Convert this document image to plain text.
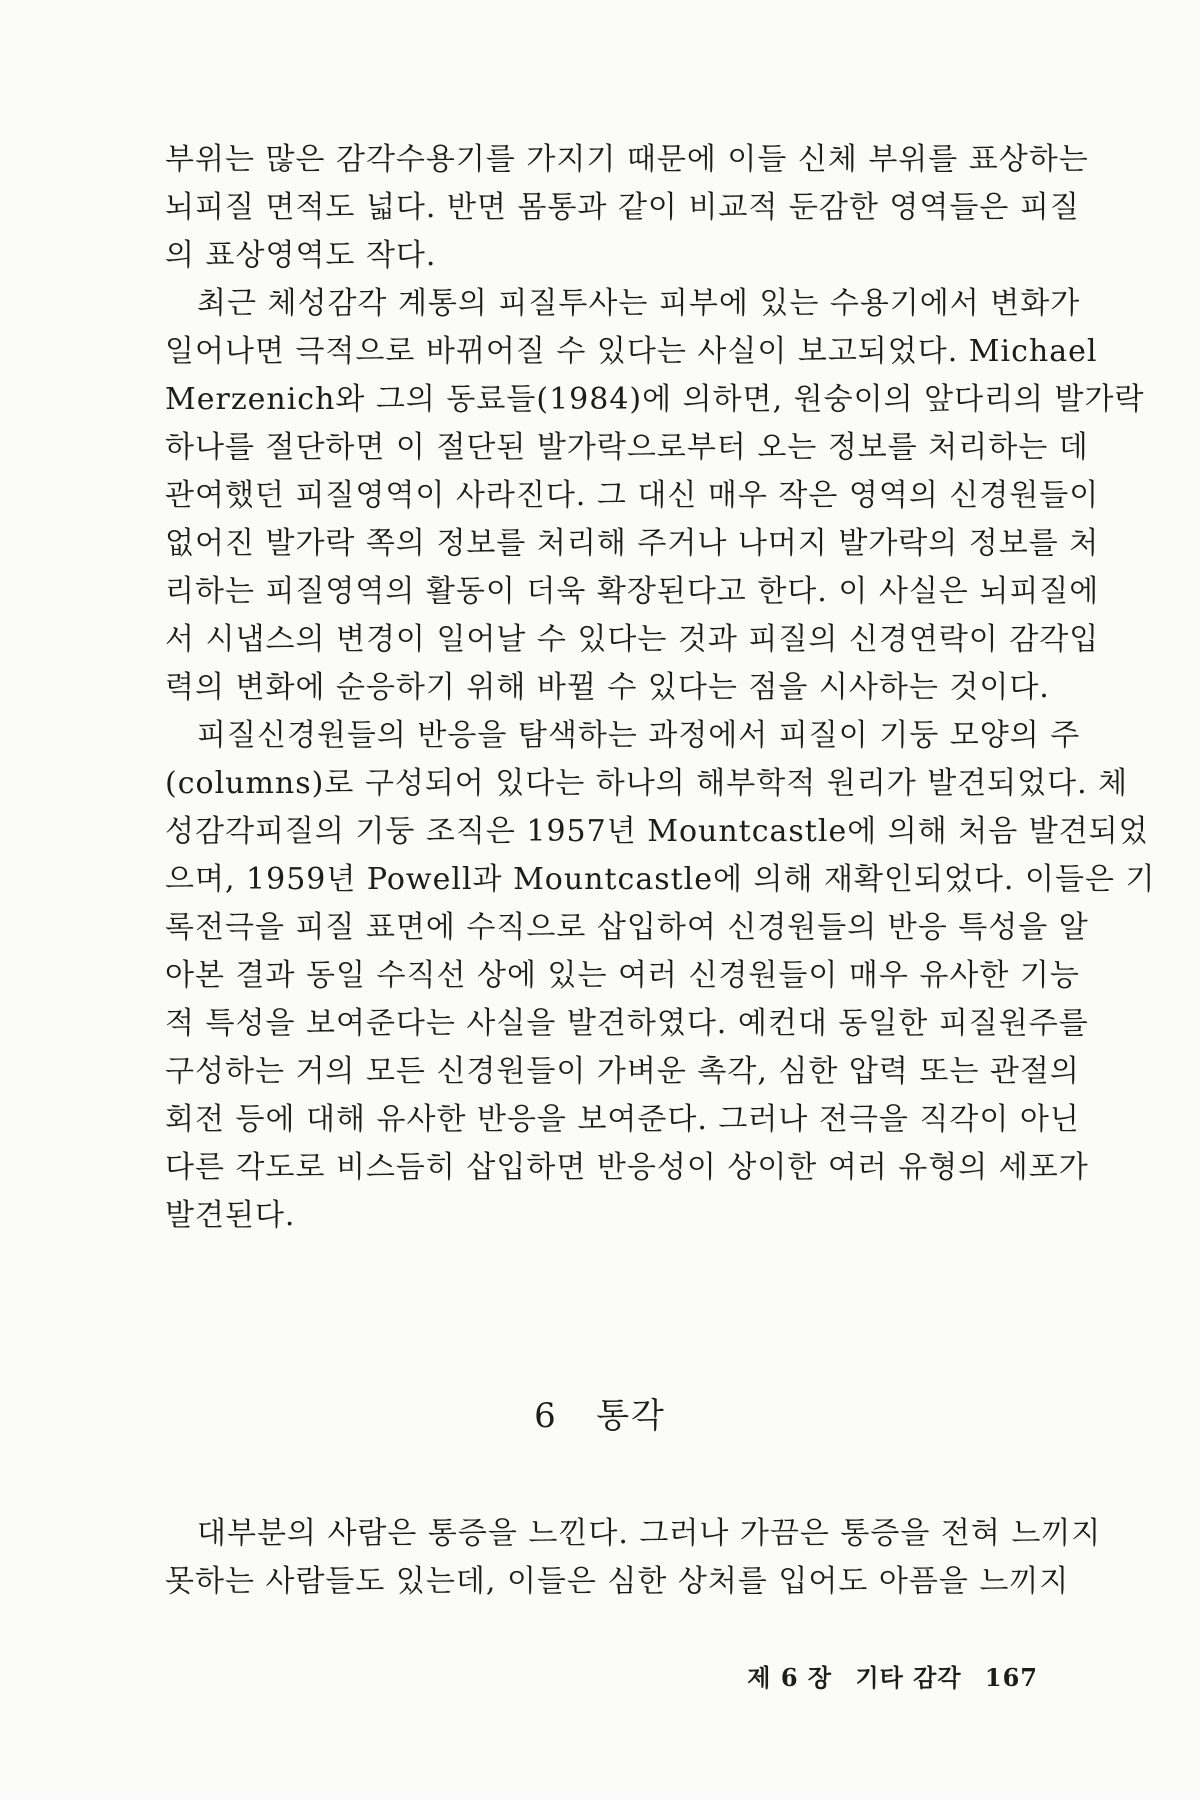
부위는 많은 감각수용기를 가지기 때문에 이들 신체 부위를 표상하는
뇌피질 면적도 넓다. 반면 몸통과 같이 비교적 둔감한 영역들은 피질
의 표상영역도 작다.
최근 체성감각 계통의 피질투사는 피부에 있는 수용기에서 변화가
일어나면 극적으로 바뀌어질 수 있다는 사실이 보고되었다. Michael
Merzenich와 그의 동료들(1984)에 의하면, 원숭이의 앞다리의 발가락
하나를 절단하면 이 절단된 발가락으로부터 오는 정보를 처리하는 데
관여했던 피질영역이 사라진다. 그 대신 매우 작은 영역의 신경원들이
없어진 발가락 쪽의 정보를 처리해 주거나 나머지 발가락의 정보를 처
리하는 피질영역의 활동이 더욱 확장된다고 한다. 이 사실은 뇌피질에
서 시냅스의 변경이 일어날 수 있다는 것과 피질의 신경연락이 감각입
력의 변화에 순응하기 위해 바뀔 수 있다는 점을 시사하는 것이다.
피질신경원들의 반응을 탐색하는 과정에서 피질이 기둥 모양의 주
(columns)로 구성되어 있다는 하나의 해부학적 원리가 발견되었다. 체
성감각피질의 기둥 조직은 1957년 Mountcastle에 의해 처음 발견되었
으며, 1959년 Powell과 Mountcastle에 의해 재확인되었다. 이들은 기
록전극을 피질 표면에 수직으로 삽입하여 신경원들의 반응 특성을 알
아본 결과 동일 수직선 상에 있는 여러 신경원들이 매우 유사한 기능
적 특성을 보여준다는 사실을 발견하였다. 예컨대 동일한 피질원주를
구성하는 거의 모든 신경원들이 가벼운 촉각, 심한 압력 또는 관절의
회전 등에 대해 유사한 반응을 보여준다. 그러나 전극을 직각이 아닌
다른 각도로 비스듬히 삽입하면 반응성이 상이한 여러 유형의 세포가
발견된다.
6 통각
대부분의 사람은 통증을 느낀다. 그러나 가끔은 통증을 전혀 느끼지
못하는 사람들도 있는데, 이들은 심한 상처를 입어도 아픔을 느끼지
제 6 장 기타 감각 167
